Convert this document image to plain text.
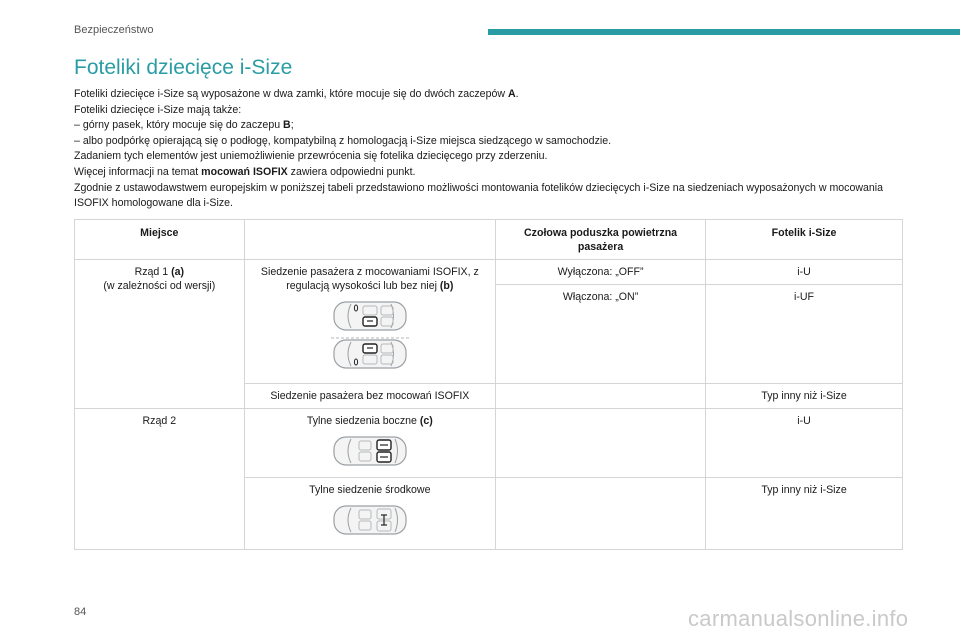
Bezpieczeństwo
Foteliki dziecięce i-Size

Foteliki dziecięce i-Size są wyposażone w dwa zamki, które mocuje się do dwóch zaczepów A.

Foteliki dziecięce i-Size mają także:

– górny pasek, który mocuje się do zaczepu B;

– albo podpórkę opierającą się o podłogę, kompatybilną z homologacją i-Size miejsca siedzącego w samochodzie.

Zadaniem tych elementów jest uniemożliwienie przewrócenia się fotelika dziecięcego przy zderzeniu.

Więcej informacji na temat mocowań ISOFIX zawiera odpowiedni punkt.

Zgodnie z ustawodawstwem europejskim w poniższej tabeli przedstawiono możliwości montowania fotelików dziecięcych i-Size na siedzeniach wyposażonych w mocowania ISOFIX homologowane dla i-Size.

Miejsce		Czołowa poduszka powietrzna pasażera	Fotelik i-Size
Rząd 1 (a)
(w zależności od wersji)	Siedzenie pasażera z mocowaniami ISOFIX, z regulacją wysokości lub bez niej (b)	Wyłączona: „OFF”	i-U
		Włączona: „ON”	i-UF
	Siedzenie pasażera bez mocowań ISOFIX		Typ inny niż i-Size
Rząd 2	Tylne siedzenia boczne (c)		i-U
	Tylne siedzenie środkowe		Typ inny niż i-Size
84	carmanualsonline.info
